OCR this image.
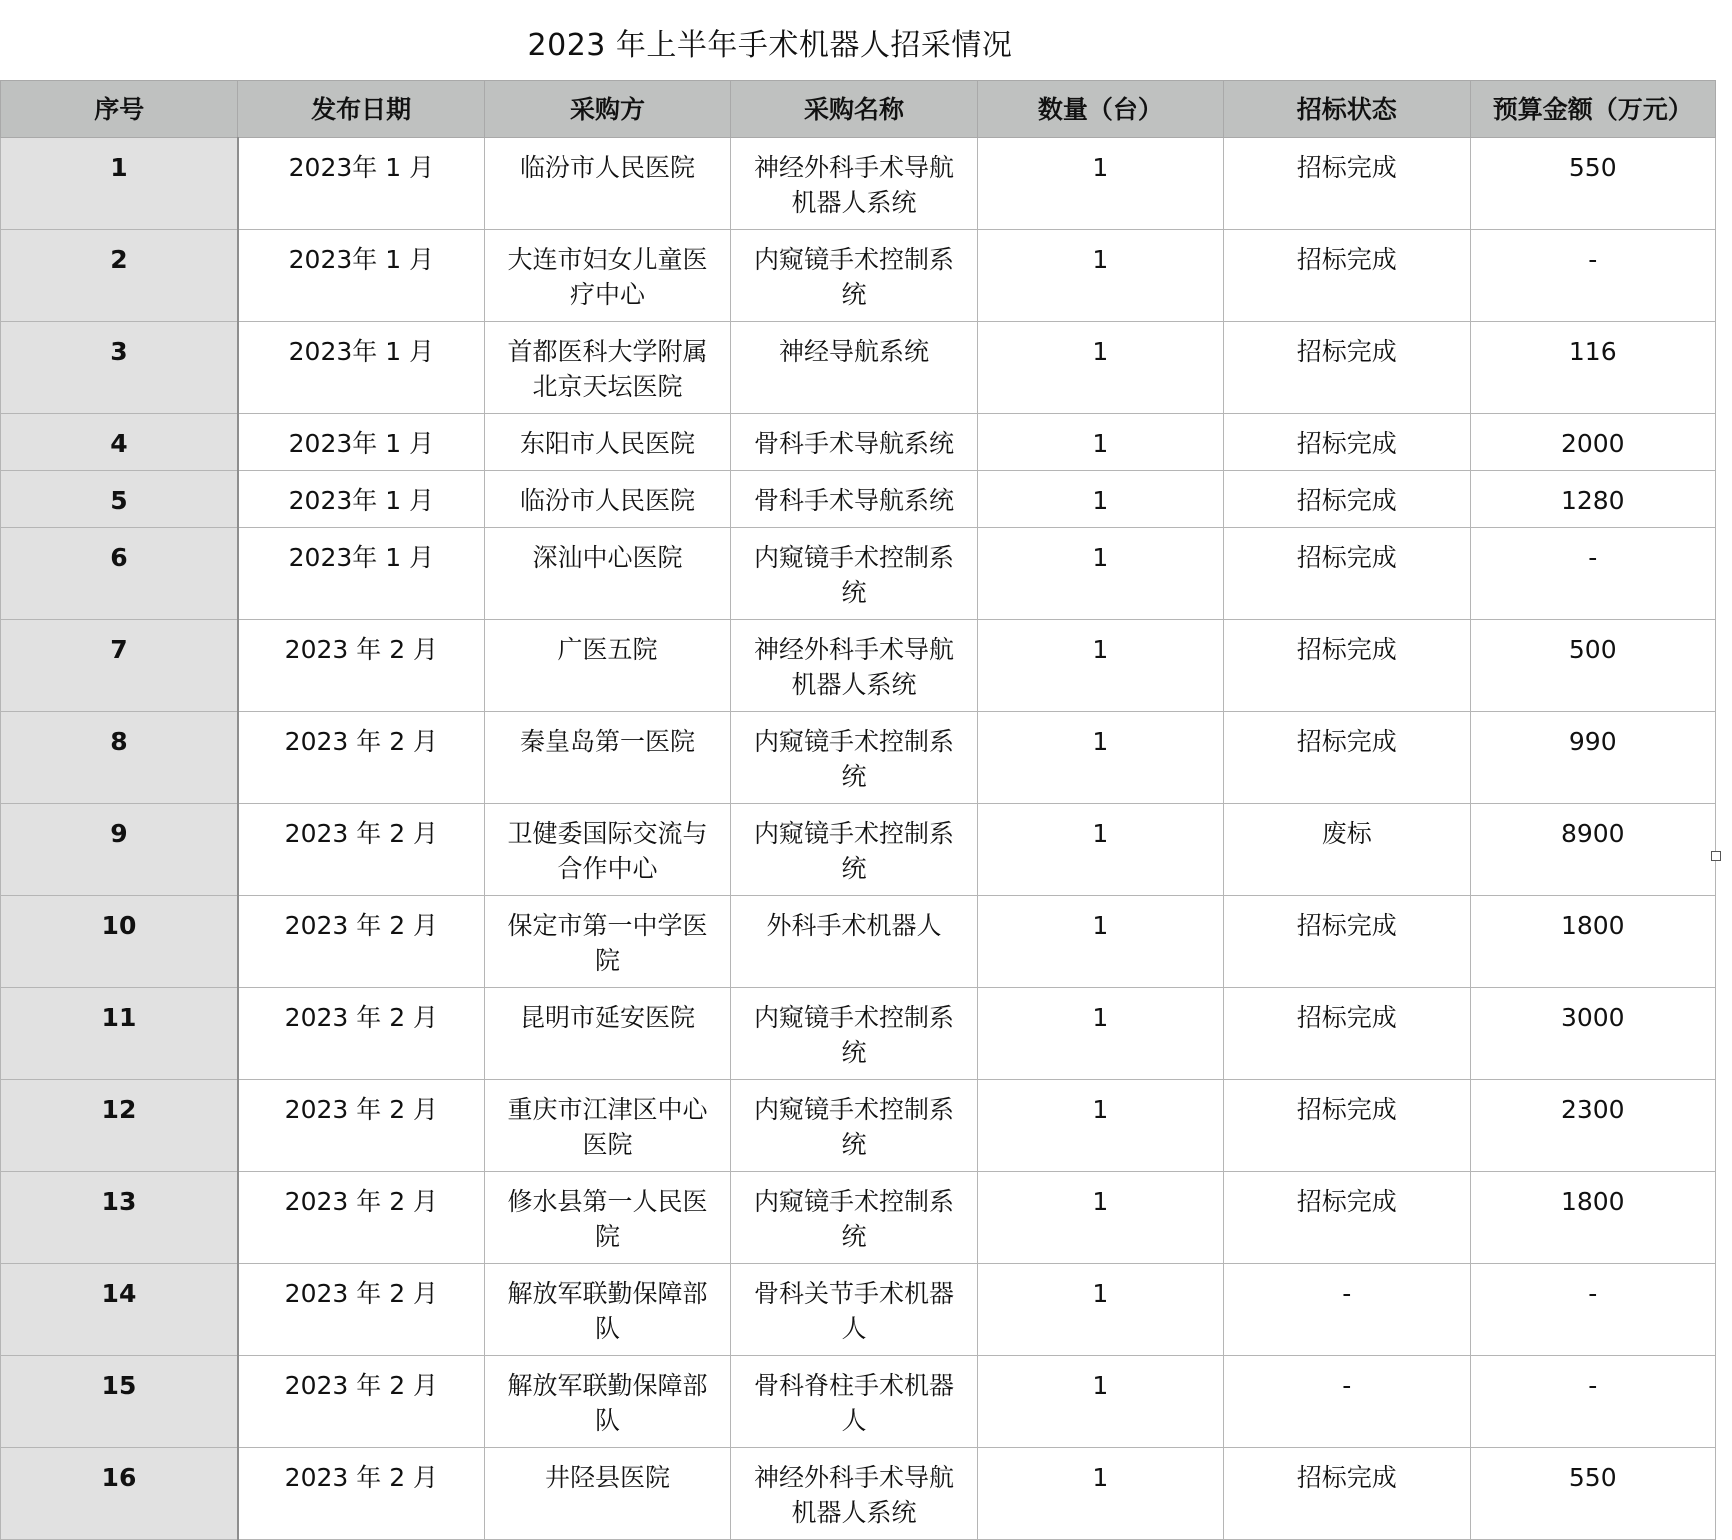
2023 年上半年手术机器人招采情况
序号	发布日期	采购方	采购名称	数量（台）	招标状态	预算金额（万元）

1	2023年 1 月	临汾市人民医院	神经外科手术导航机器人系统	1	招标完成	550

2	2023年 1 月	大连市妇女儿童医疗中心	内窥镜手术控制系统	1	招标完成	-

3	2023年 1 月	首都医科大学附属北京天坛医院	神经导航系统	1	招标完成	116

4	2023年 1 月	东阳市人民医院	骨科手术导航系统	1	招标完成	2000

5	2023年 1 月	临汾市人民医院	骨科手术导航系统	1	招标完成	1280

6	2023年 1 月	深汕中心医院	内窥镜手术控制系统	1	招标完成	-

7	2023 年 2 月	广医五院	神经外科手术导航机器人系统	1	招标完成	500

8	2023 年 2 月	秦皇岛第一医院	内窥镜手术控制系统	1	招标完成	990

9	2023 年 2 月	卫健委国际交流与合作中心	内窥镜手术控制系统	1	废标	8900

10	2023 年 2 月	保定市第一中学医院	外科手术机器人	1	招标完成	1800

11	2023 年 2 月	昆明市延安医院	内窥镜手术控制系统	1	招标完成	3000

12	2023 年 2 月	重庆市江津区中心医院	内窥镜手术控制系统	1	招标完成	2300

13	2023 年 2 月	修水县第一人民医院	内窥镜手术控制系统	1	招标完成	1800

14	2023 年 2 月	解放军联勤保障部队	骨科关节手术机器人	1	-	-

15	2023 年 2 月	解放军联勤保障部队	骨科脊柱手术机器人	1	-	-

16	2023 年 2 月	井陉县医院	神经外科手术导航机器人系统	1	招标完成	550
